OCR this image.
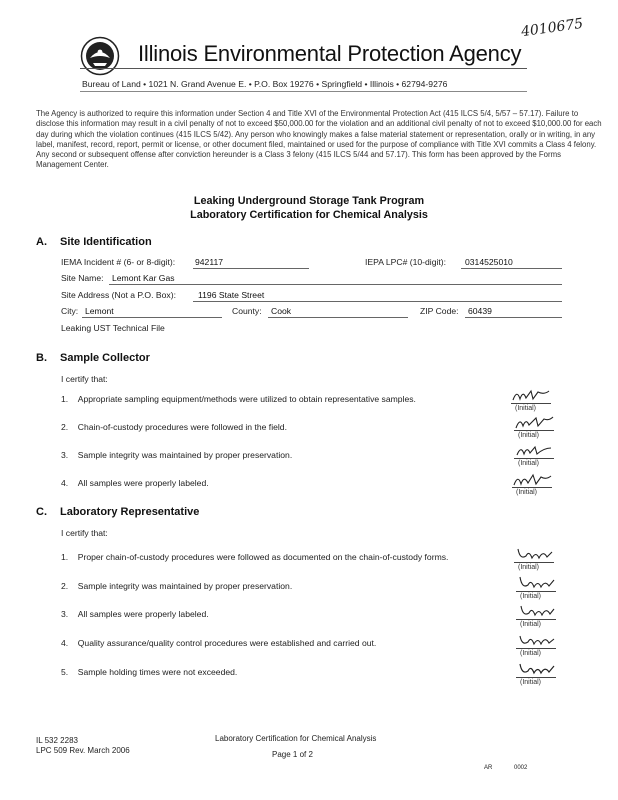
Illinois Environmental Protection Agency
4010675
Bureau of Land • 1021 N. Grand Avenue E. • P.O. Box 19276 • Springfield • Illinois • 62794-9276
The Agency is authorized to require this information under Section 4 and Title XVI of the Environmental Protection Act (415 ILCS 5/4, 5/57 – 57.17). Failure to disclose this information may result in a civil penalty of not to exceed $50,000.00 for the violation and an additional civil penalty of not to exceed $10,000.00 for each day during which the violation continues (415 ILCS 5/42). Any person who knowingly makes a false material statement or representation, orally or in writing, in any label, manifest, record, report, permit or license, or other document filed, maintained or used for the purpose of compliance with Title XVI commits a Class 4 felony. Any second or subsequent offense after conviction hereunder is a Class 3 felony (415 ILCS 5/44 and 57.17). This form has been approved by the Forms Management Center.
Leaking Underground Storage Tank Program
Laboratory Certification for Chemical Analysis
A. Site Identification
IEMA Incident # (6- or 8-digit): 942117	IEPA LPC# (10-digit): 0314525010
Site Name: Lemont Kar Gas
Site Address (Not a P.O. Box):	1196 State Street
City: Lemont	County: Cook	ZIP Code: 60439
Leaking UST Technical File
B. Sample Collector
I certify that:
1. Appropriate sampling equipment/methods were utilized to obtain representative samples.
(Initial)
2. Chain-of-custody procedures were followed in the field.
(Initial)
3. Sample integrity was maintained by proper preservation.
(Initial)
4. All samples were properly labeled.
(Initial)
C. Laboratory Representative
I certify that:
1. Proper chain-of-custody procedures were followed as documented on the chain-of-custody forms.
(Initial)
2. Sample integrity was maintained by proper preservation.
(Initial)
3. All samples were properly labeled.
(Initial)
4. Quality assurance/quality control procedures were established and carried out.
(Initial)
5. Sample holding times were not exceeded.
(Initial)
IL 532 2283
LPC 509 Rev. March 2006
Laboratory Certification for Chemical Analysis
Page 1 of 2
AR	0002
